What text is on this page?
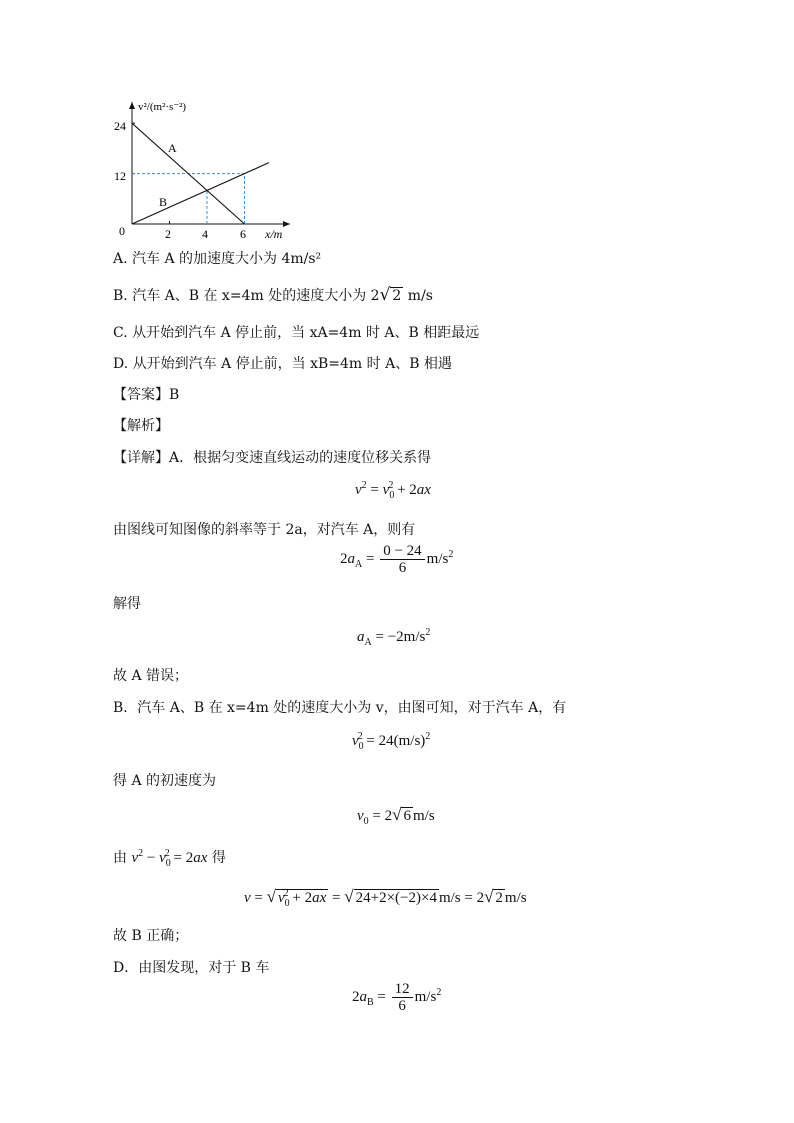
v²/(m²·s⁻²)
x/m
0
24
12
2	4	6
A
B
A. 汽车 A 的加速度大小为 4m/s²
B. 汽车 A、B 在 x=4m 处的速度大小为 2√ 2 m/s
C. 从开始到汽车 A 停止前，当 xA=4m 时 A、B 相距最远
D. 从开始到汽车 A 停止前，当 xB=4m 时 A、B 相遇
【答案】B
【解析】
【详解】A．根据匀变速直线运动的速度位移关系得
$v^2 = v_0^2 + 2ax$
由图线可知图像的斜率等于 2a，对汽车 A，则有
$2a_A = \frac{0 - 24}{6} m/s^2$
解得
$a_A = -2m/s^2$
故 A 错误；
B．汽车 A、B 在 x=4m 处的速度大小为 v，由图可知，对于汽车 A，有
$v_0^2 = 24(m/s)^2$
得 A 的初速度为
$v_0 = 2√$ 6 m/s
由 $v^2 - v_0^2 = 2ax$ 得
v = √ $v_0^2 + 2ax$ = √ 24+2×(−2)×4 m/s = 2√ 2 m/s
故 B 正确；
D．由图发现，对于 B 车
$2a_B = \frac{12}{6} m/s^2$
